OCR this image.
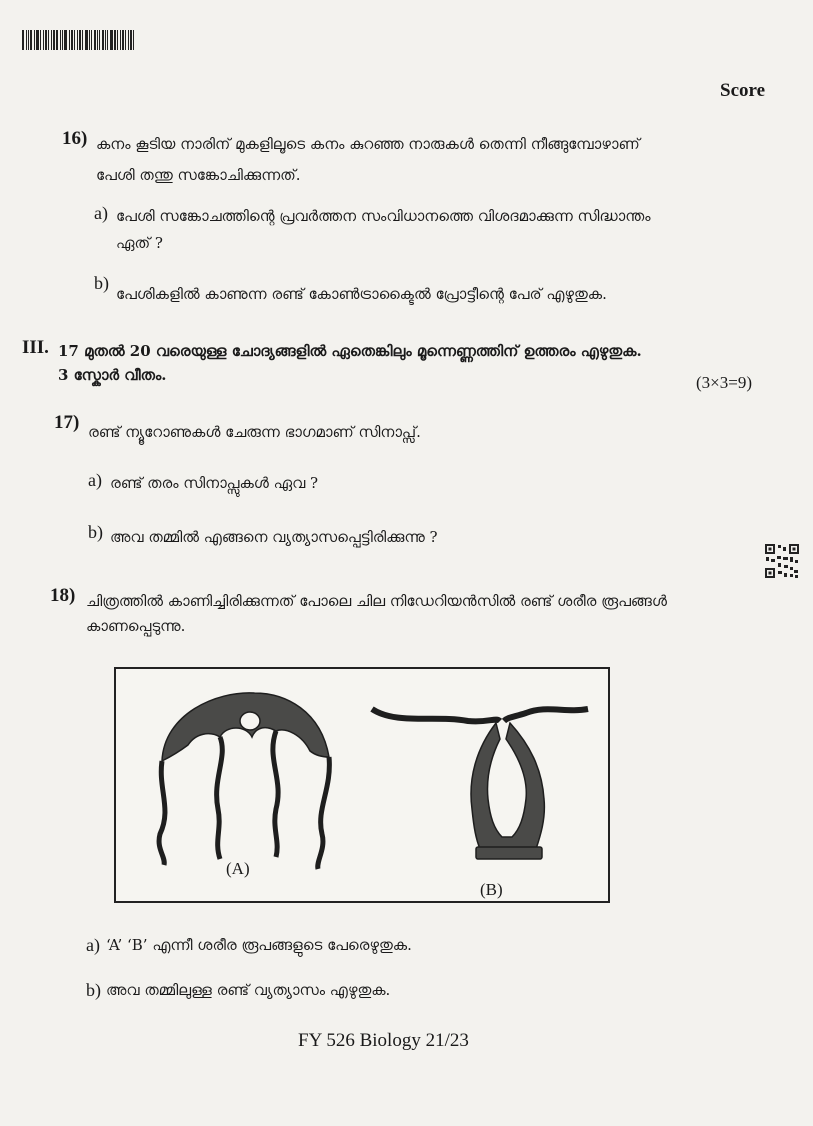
Score
16) കനം കൂടിയ നാരിന് മുകളിലൂടെ കനം കുറഞ്ഞ നാരുകൾ തെന്നി നീങ്ങുമ്പോഴാണ്
പേശി തന്തു സങ്കോചിക്കുന്നത്.
a) പേശി സങ്കോചത്തിന്റെ പ്രവർത്തന സംവിധാനത്തെ വിശദമാക്കുന്ന സിദ്ധാന്തം
ഏത് ?
b)
പേശികളിൽ കാണുന്ന രണ്ട് കോൺട്രാക്ടൈൽ പ്രോട്ടീന്റെ പേര് എഴുതുക.
III. 17 മുതൽ 20 വരെയുള്ള ചോദ്യങ്ങളിൽ ഏതെങ്കിലും മൂന്നെണ്ണത്തിന് ഉത്തരം എഴുതുക.
3 സ്കോർ വീതം.	(3×3=9)
17) രണ്ട് ന്യൂറോണുകൾ ചേരുന്ന ഭാഗമാണ് സിനാപ്സ്.
a) രണ്ട് തരം സിനാപ്സുകൾ ഏവ ?
b) അവ തമ്മിൽ എങ്ങനെ വ്യത്യാസപ്പെട്ടിരിക്കുന്നു ?
18) ചിത്രത്തിൽ കാണിച്ചിരിക്കുന്നത് പോലെ ചില നിഡേറിയൻസിൽ രണ്ട് ശരീര രൂപങ്ങൾ
കാണപ്പെടുന്നു.
(A)
(B)
a) ‘A’ ‘B’ എന്നീ ശരീര രൂപങ്ങളുടെ പേരെഴുതുക.
b) അവ തമ്മിലുള്ള രണ്ട് വ്യത്യാസം എഴുതുക.
FY 526 Biology 21/23
